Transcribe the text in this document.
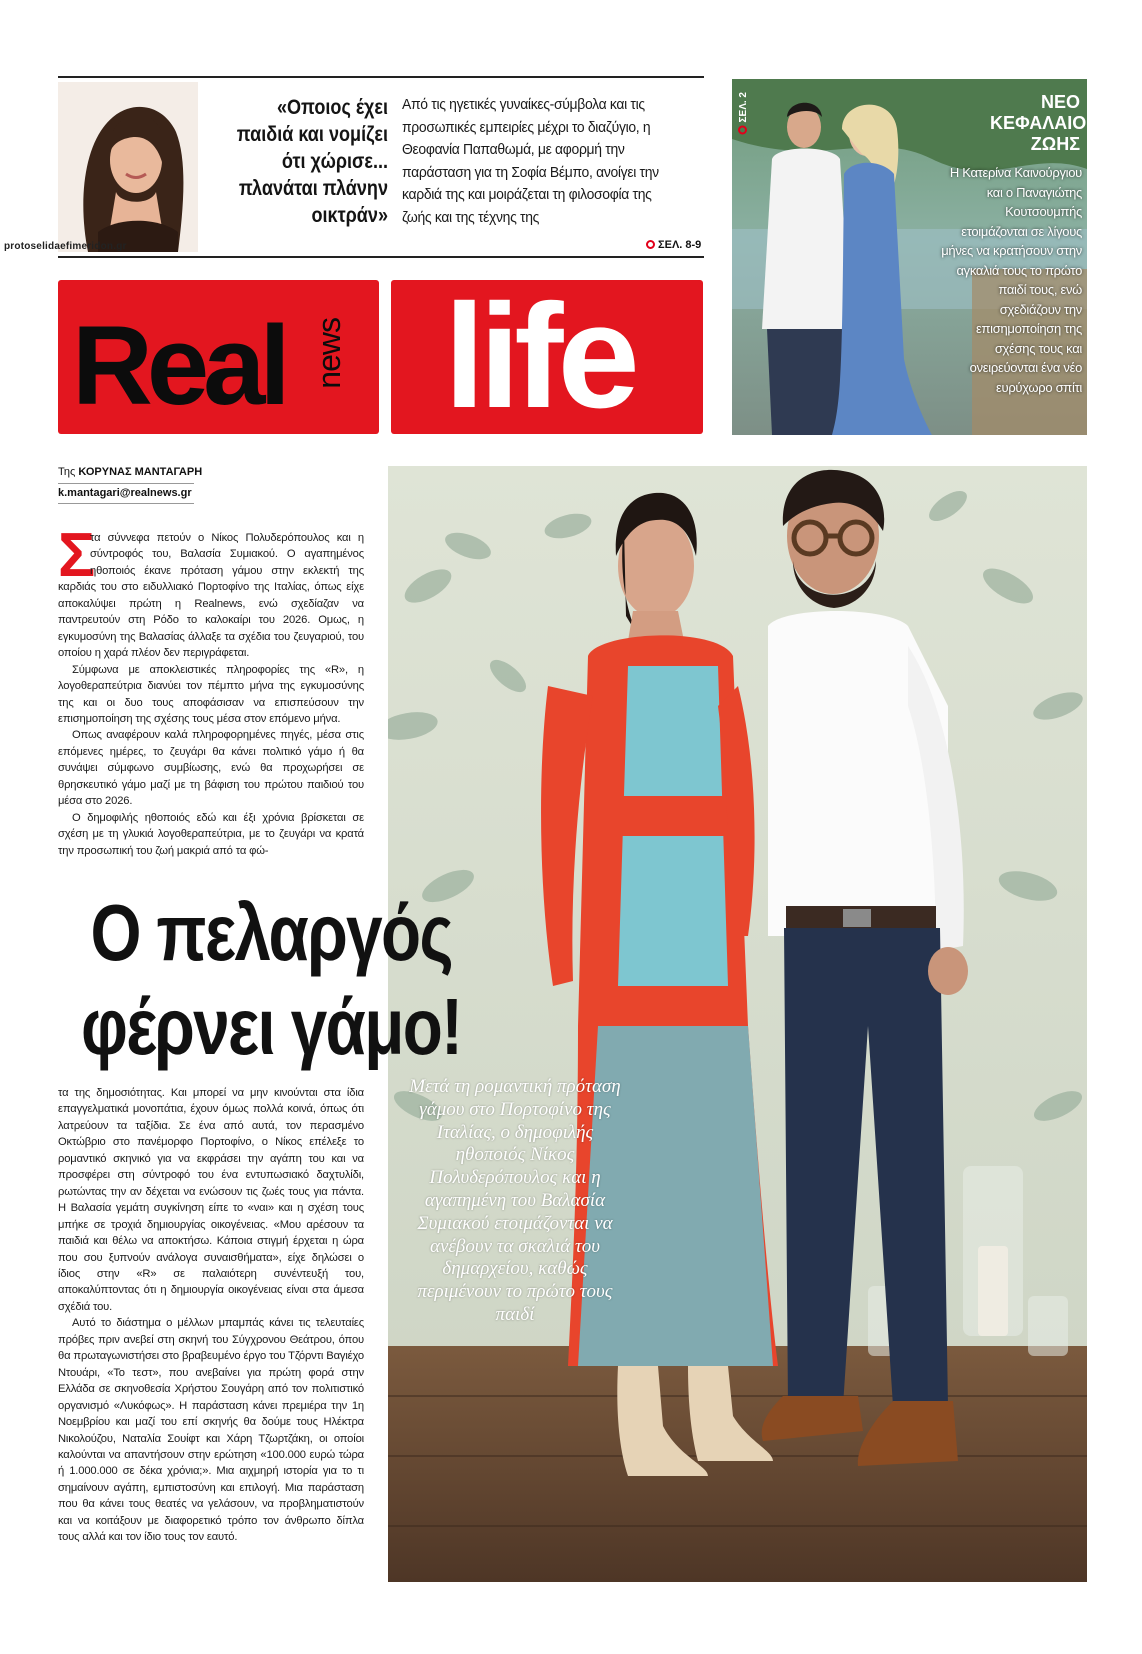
protoselidaefimeridon.gr
«Οποιος έχει παιδιά και νομίζει ότι χώρισε... πλανάται πλάνην οικτράν»
Από τις ηγετικές γυναίκες-σύμβολα και τις προσωπικές εμπειρίες μέχρι το διαζύγιο, η Θεοφανία Παπαθωμά, με αφορμή την παράσταση για τη Σοφία Βέμπο, ανοίγει την καρδιά της και μοιράζεται τη φιλοσοφία της ζωής και της τέχνης της
ΣΕΛ. 8-9
Real news life
ΣΕΛ. 2	ΝΕΟ ΚΕΦΑΛΑΙΟ ΖΩΗΣ
Η Κατερίνα Καινούργιου και ο Παναγιώτης Κουτσουμπής ετοιμάζονται σε λίγους μήνες να κρατήσουν στην αγκαλιά τους το πρώτο παιδί τους, ενώ σχεδιάζουν την επισημοποίηση της σχέσης τους και ονειρεύονται ένα νέο ευρύχωρο σπίτι
Της ΚΟΡΥΝΑΣ ΜΑΝΤΑΓΑΡΗ
k.mantagari@realnews.gr
Σ

τα σύννεφα πετούν ο Νίκος Πολυδερόπουλος και η σύντροφός του, Βαλασία Συμιακού. Ο αγαπημένος ηθοποιός έκανε πρόταση γάμου στην εκλεκτή της καρδιάς του στο ειδυλλιακό Πορτοφίνο της Ιταλίας, όπως είχε αποκαλύψει πρώτη η Realnews, ενώ σχεδίαζαν να παντρευτούν στη Ρόδο το καλοκαίρι του 2026. Ομως, η εγκυμοσύνη της Βαλασίας άλλαξε τα σχέδια του ζευγαριού, του οποίου η χαρά πλέον δεν περιγράφεται.

Σύμφωνα με αποκλειστικές πληροφορίες της «R», η λογοθεραπεύτρια διανύει τον πέμπτο μήνα της εγκυμοσύνης της και οι δυο τους αποφάσισαν να επισπεύσουν την επισημοποίηση της σχέσης τους μέσα στον επόμενο μήνα.

Οπως αναφέρουν καλά πληροφορημένες πηγές, μέσα στις επόμενες ημέρες, το ζευγάρι θα κάνει πολιτικό γάμο ή θα συνάψει σύμφωνο συμβίωσης, ενώ θα προχωρήσει σε θρησκευτικό γάμο μαζί με τη βάφιση του πρώτου παιδιού του μέσα στο 2026.

Ο δημοφιλής ηθοποιός εδώ και έξι χρόνια βρίσκεται σε σχέση με τη γλυκιά λογοθεραπεύτρια, με το ζευγάρι να κρατά την προσωπική του ζωή μακριά από τα φώ-

Ο πελαργός
φέρνει γάμο!

τα της δημοσιότητας. Και μπορεί να μην κινούνται στα ίδια επαγγελματικά μονοπάτια, έχουν όμως πολλά κοινά, όπως ότι λατρεύουν τα ταξίδια. Σε ένα από αυτά, τον περασμένο Οκτώβριο στο πανέμορφο Πορτοφίνο, ο Νίκος επέλεξε το ρομαντικό σκηνικό για να εκφράσει την αγάπη του και να προσφέρει στη σύντροφό του ένα εντυπωσιακό δαχτυλίδι, ρωτώντας την αν δέχεται να ενώσουν τις ζωές τους για πάντα. Η Βαλασία γεμάτη συγκίνηση είπε το «ναι» και η σχέση τους μπήκε σε τροχιά δημιουργίας οικογένειας. «Μου αρέσουν τα παιδιά και θέλω να αποκτήσω. Κάποια στιγμή έρχεται η ώρα που σου ξυπνούν ανάλογα συναισθήματα», είχε δηλώσει ο ίδιος στην «R» σε παλαιότερη συνέντευξή του, αποκαλύπτοντας ότι η δημιουργία οικογένειας είναι στα άμεσα σχέδιά του.

Αυτό το διάστημα ο μέλλων μπαμπάς κάνει τις τελευταίες πρόβες πριν ανεβεί στη σκηνή του Σύγχρονου Θεάτρου, όπου θα πρωταγωνιστήσει στο βραβευμένο έργο του Τζόρντι Βαγιέχο Ντουάρι, «Το τεστ», που ανεβαίνει για πρώτη φορά στην Ελλάδα σε σκηνοθεσία Χρήστου Σουγάρη από τον πολιτιστικό οργανισμό «Λυκόφως». Η παράσταση κάνει πρεμιέρα την 1η Νοεμβρίου και μαζί του επί σκηνής θα δούμε τους Ηλέκτρα Νικολούζου, Ναταλία Σουίφτ και Χάρη Τζωρτζάκη, οι οποίοι καλούνται να απαντήσουν στην ερώτηση «100.000 ευρώ τώρα ή 1.000.000 σε δέκα χρόνια;». Μια αιχμηρή ιστορία για το τι σημαίνουν αγάπη, εμπιστοσύνη και επιλογή. Μια παράσταση που θα κάνει τους θεατές να γελάσουν, να προβληματιστούν και να κοιτάξουν με διαφορετικό τρόπο τον άνθρωπο δίπλα τους αλλά και τον ίδιο τους τον εαυτό.

Μετά τη ρομαντική πρόταση γάμου στο Πορτοφίνο της Ιταλίας, ο δημοφιλής ηθοποιός Νίκος Πολυδερόπουλος και η αγαπημένη του Βαλασία Συμιακού ετοιμάζονται να ανέβουν τα σκαλιά του δημαρχείου, καθώς περιμένουν το πρώτο τους παιδί
